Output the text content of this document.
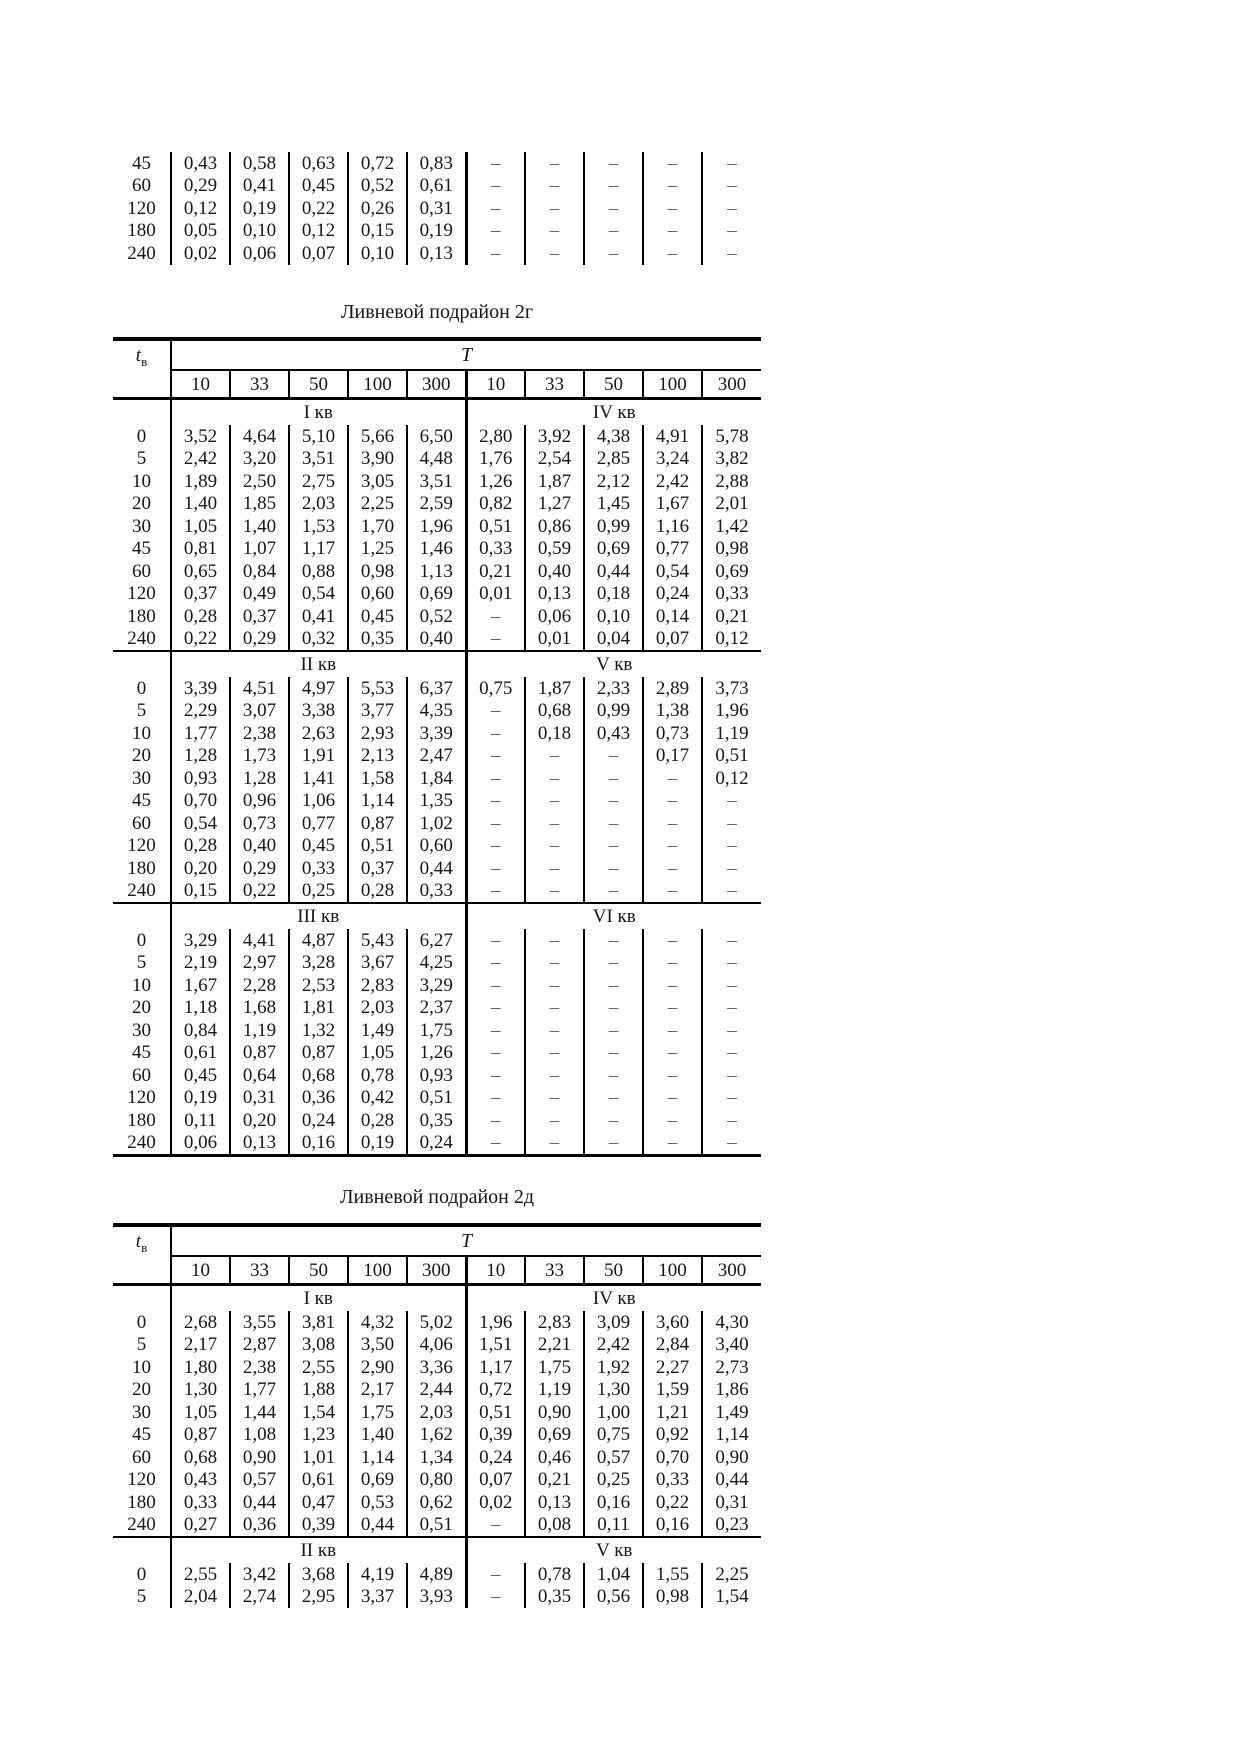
45	0,43	0,58	0,63	0,72	0,83	–	–	–	–	–
60	0,29	0,41	0,45	0,52	0,61	–	–	–	–	–
120	0,12	0,19	0,22	0,26	0,31	–	–	–	–	–
180	0,05	0,10	0,12	0,15	0,19	–	–	–	–	–
240	0,02	0,06	0,07	0,10	0,13	–	–	–	–	–
Ливневой подрайон 2г
$t_в$	T									
	10	33	50	100	300	10	33	50	100	300
	I кв					IV кв				
0	3,52	4,64	5,10	5,66	6,50	2,80	3,92	4,38	4,91	5,78
5	2,42	3,20	3,51	3,90	4,48	1,76	2,54	2,85	3,24	3,82
10	1,89	2,50	2,75	3,05	3,51	1,26	1,87	2,12	2,42	2,88
20	1,40	1,85	2,03	2,25	2,59	0,82	1,27	1,45	1,67	2,01
30	1,05	1,40	1,53	1,70	1,96	0,51	0,86	0,99	1,16	1,42
45	0,81	1,07	1,17	1,25	1,46	0,33	0,59	0,69	0,77	0,98
60	0,65	0,84	0,88	0,98	1,13	0,21	0,40	0,44	0,54	0,69
120	0,37	0,49	0,54	0,60	0,69	0,01	0,13	0,18	0,24	0,33
180	0,28	0,37	0,41	0,45	0,52	–	0,06	0,10	0,14	0,21
240	0,22	0,29	0,32	0,35	0,40	–	0,01	0,04	0,07	0,12
	II кв					V кв				
0	3,39	4,51	4,97	5,53	6,37	0,75	1,87	2,33	2,89	3,73
5	2,29	3,07	3,38	3,77	4,35	–	0,68	0,99	1,38	1,96
10	1,77	2,38	2,63	2,93	3,39	–	0,18	0,43	0,73	1,19
20	1,28	1,73	1,91	2,13	2,47	–	–	–	0,17	0,51
30	0,93	1,28	1,41	1,58	1,84	–	–	–	–	0,12
45	0,70	0,96	1,06	1,14	1,35	–	–	–	–	–
60	0,54	0,73	0,77	0,87	1,02	–	–	–	–	–
120	0,28	0,40	0,45	0,51	0,60	–	–	–	–	–
180	0,20	0,29	0,33	0,37	0,44	–	–	–	–	–
240	0,15	0,22	0,25	0,28	0,33	–	–	–	–	–
	III кв					VI кв				
0	3,29	4,41	4,87	5,43	6,27	–	–	–	–	–
5	2,19	2,97	3,28	3,67	4,25	–	–	–	–	–
10	1,67	2,28	2,53	2,83	3,29	–	–	–	–	–
20	1,18	1,68	1,81	2,03	2,37	–	–	–	–	–
30	0,84	1,19	1,32	1,49	1,75	–	–	–	–	–
45	0,61	0,87	0,87	1,05	1,26	–	–	–	–	–
60	0,45	0,64	0,68	0,78	0,93	–	–	–	–	–
120	0,19	0,31	0,36	0,42	0,51	–	–	–	–	–
180	0,11	0,20	0,24	0,28	0,35	–	–	–	–	–
240	0,06	0,13	0,16	0,19	0,24	–	–	–	–	–
Ливневой подрайон 2д
$t_в$	T									
	10	33	50	100	300	10	33	50	100	300
	I кв					IV кв				
0	2,68	3,55	3,81	4,32	5,02	1,96	2,83	3,09	3,60	4,30
5	2,17	2,87	3,08	3,50	4,06	1,51	2,21	2,42	2,84	3,40
10	1,80	2,38	2,55	2,90	3,36	1,17	1,75	1,92	2,27	2,73
20	1,30	1,77	1,88	2,17	2,44	0,72	1,19	1,30	1,59	1,86
30	1,05	1,44	1,54	1,75	2,03	0,51	0,90	1,00	1,21	1,49
45	0,87	1,08	1,23	1,40	1,62	0,39	0,69	0,75	0,92	1,14
60	0,68	0,90	1,01	1,14	1,34	0,24	0,46	0,57	0,70	0,90
120	0,43	0,57	0,61	0,69	0,80	0,07	0,21	0,25	0,33	0,44
180	0,33	0,44	0,47	0,53	0,62	0,02	0,13	0,16	0,22	0,31
240	0,27	0,36	0,39	0,44	0,51	–	0,08	0,11	0,16	0,23
	II кв					V кв				
0	2,55	3,42	3,68	4,19	4,89	–	0,78	1,04	1,55	2,25
5	2,04	2,74	2,95	3,37	3,93	–	0,35	0,56	0,98	1,54
